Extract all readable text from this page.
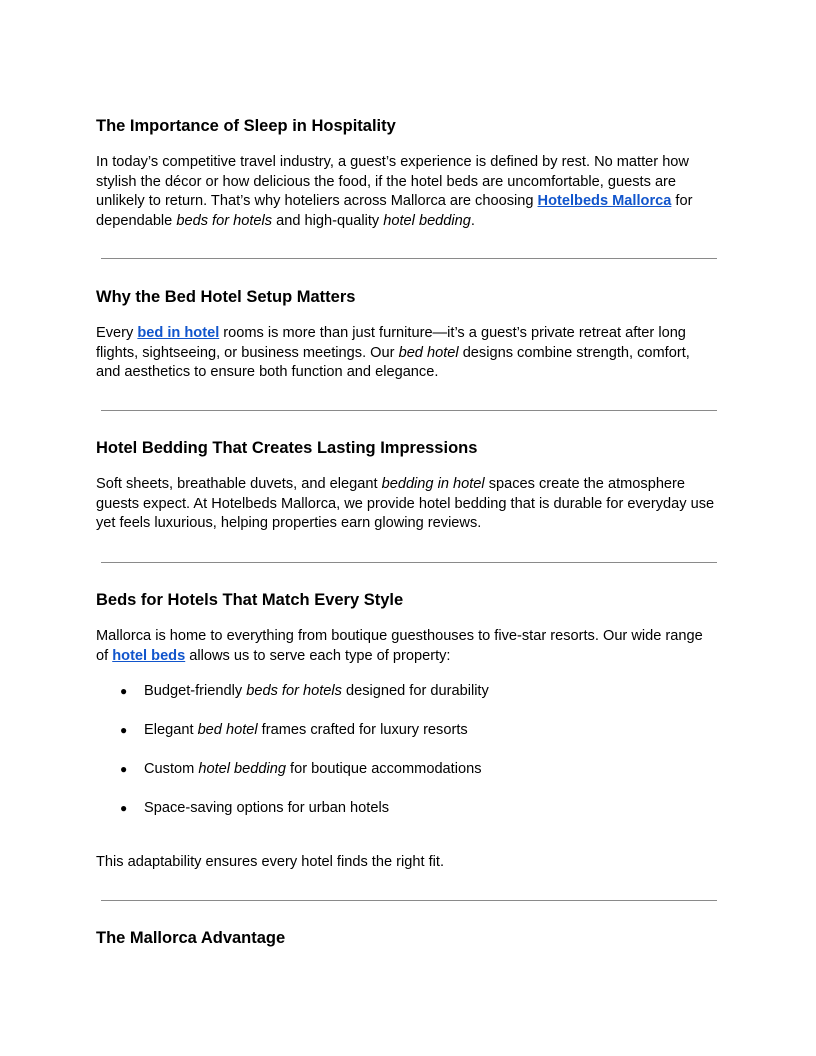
The Importance of Sleep in Hospitality

In today’s competitive travel industry, a guest’s experience is defined by rest. No matter how
stylish the décor or how delicious the food, if the hotel beds are uncomfortable, guests are
unlikely to return. That’s why hoteliers across Mallorca are choosing Hotelbeds Mallorca for
dependable beds for hotels and high-quality hotel bedding.

Why the Bed Hotel Setup Matters

Every bed in hotel rooms is more than just furniture—it’s a guest’s private retreat after long
flights, sightseeing, or business meetings. Our bed hotel designs combine strength, comfort,
and aesthetics to ensure both function and elegance.

Hotel Bedding That Creates Lasting Impressions

Soft sheets, breathable duvets, and elegant bedding in hotel spaces create the atmosphere
guests expect. At Hotelbeds Mallorca, we provide hotel bedding that is durable for everyday use
yet feels luxurious, helping properties earn glowing reviews.

Beds for Hotels That Match Every Style

Mallorca is home to everything from boutique guesthouses to five-star resorts. Our wide range
of hotel beds allows us to serve each type of property:

● Budget-friendly beds for hotels designed for durability
● Elegant bed hotel frames crafted for luxury resorts
● Custom hotel bedding for boutique accommodations
● Space-saving options for urban hotels

This adaptability ensures every hotel finds the right fit.

The Mallorca Advantage
